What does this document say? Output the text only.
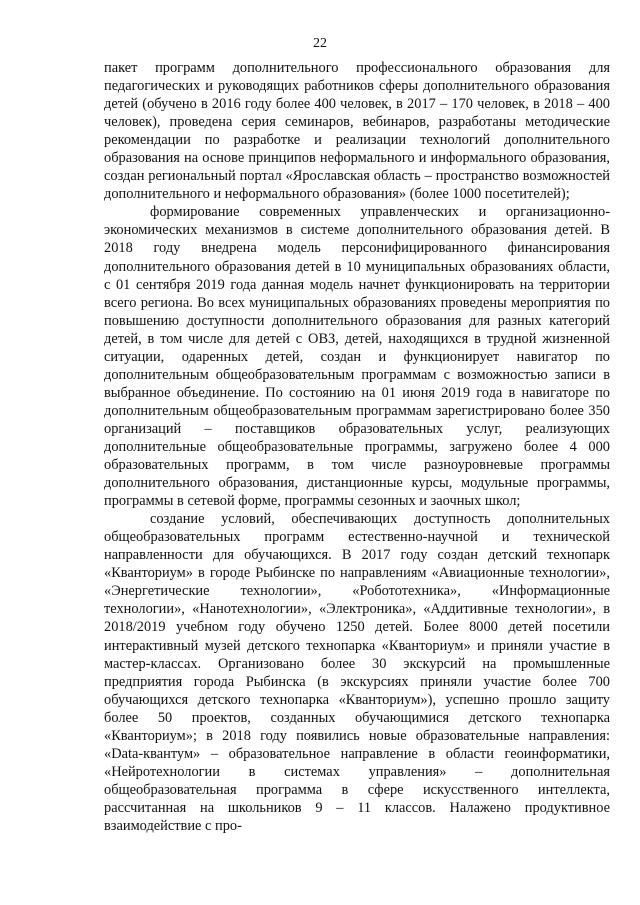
22

пакет программ дополнительного профессионального образования для педагогических и руководящих работников сферы дополнительного образования детей (обучено в 2016 году более 400 человек, в 2017 – 170 человек, в 2018 – 400 человек), проведена серия семинаров, вебинаров, разработаны методические рекомендации по разработке и реализации технологий дополнительного образования на основе принципов неформального и информального образования, создан региональный портал «Ярославская область – пространство возможностей дополнительного и неформального образования» (более 1000 посетителей);

формирование современных управленческих и организационно-экономических механизмов в системе дополнительного образования детей. В 2018 году внедрена модель персонифицированного финансирования дополнительного образования детей в 10 муниципальных образованиях области, с 01 сентября 2019 года данная модель начнет функционировать на территории всего региона. Во всех муниципальных образованиях проведены мероприятия по повышению доступности дополнительного образования для разных категорий детей, в том числе для детей с ОВЗ, детей, находящихся в трудной жизненной ситуации, одаренных детей, создан и функционирует навигатор по дополнительным общеобразовательным программам с возможностью записи в выбранное объединение. По состоянию на 01 июня 2019 года в навигаторе по дополнительным общеобразовательным программам зарегистрировано более 350 организаций – поставщиков образовательных услуг, реализующих дополнительные общеобразовательные программы, загружено более 4 000 образовательных программ, в том числе разноуровневые программы дополнительного образования, дистанционные курсы, модульные программы, программы в сетевой форме, программы сезонных и заочных школ;

создание условий, обеспечивающих доступность дополнительных общеобразовательных программ естественно-научной и технической направленности для обучающихся. В 2017 году создан детский технопарк «Кванториум» в городе Рыбинске по направлениям «Авиационные технологии», «Энергетические технологии», «Робототехника», «Информационные технологии», «Нанотехнологии», «Электроника», «Аддитивные технологии», в 2018/2019 учебном году обучено 1250 детей. Более 8000 детей посетили интерактивный музей детского технопарка «Кванториум» и приняли участие в мастер-классах. Организовано более 30 экскурсий на промышленные предприятия города Рыбинска (в экскурсиях приняли участие более 700 обучающихся детского технопарка «Кванториум»), успешно прошло защиту более 50 проектов, созданных обучающимися детского технопарка «Кванториум»; в 2018 году появились новые образовательные направления: «Data-квантум» – образовательное направление в области геоинформатики, «Нейротехнологии в системах управления» – дополнительная общеобразовательная программа в сфере искусственного интеллекта, рассчитанная на школьников 9 – 11 классов. Налажено продуктивное взаимодействие с про-
